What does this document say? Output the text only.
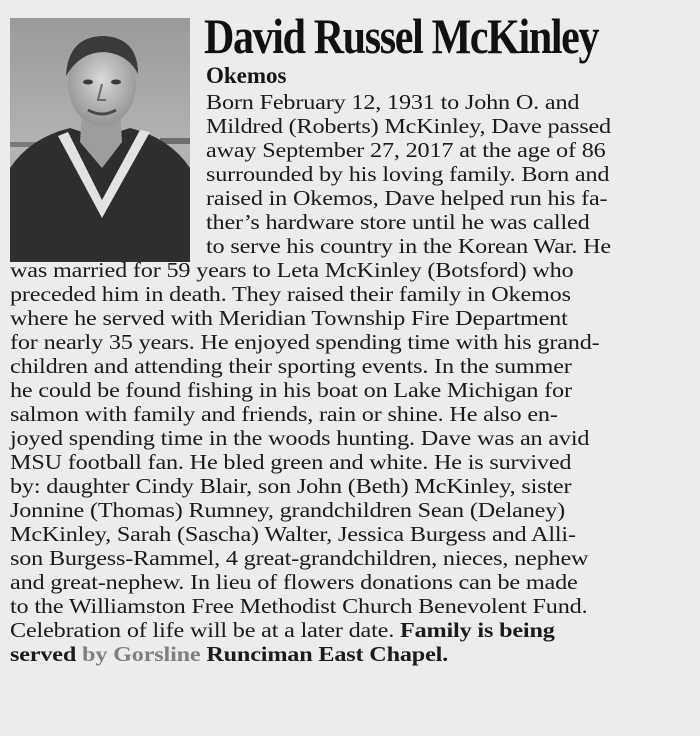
David Russel McKinley
Okemos
Born February 12, 1931 to John O. and
Mildred (Roberts) McKinley, Dave passed
away September 27, 2017 at the age of 86
surrounded by his loving family. Born and
raised in Okemos, Dave helped run his fa-
ther’s hardware store until he was called
to serve his country in the Korean War. He
was married for 59 years to Leta McKinley (Botsford) who
preceded him in death. They raised their family in Okemos
where he served with Meridian Township Fire Department
for nearly 35 years. He enjoyed spending time with his grand-
children and attending their sporting events. In the summer
he could be found fishing in his boat on Lake Michigan for
salmon with family and friends, rain or shine. He also en-
joyed spending time in the woods hunting. Dave was an avid
MSU football fan. He bled green and white. He is survived
by: daughter Cindy Blair, son John (Beth) McKinley, sister
Jonnine (Thomas) Rumney, grandchildren Sean (Delaney)
McKinley, Sarah (Sascha) Walter, Jessica Burgess and Alli-
son Burgess-Rammel, 4 great-grandchildren, nieces, nephew
and great-nephew. In lieu of flowers donations can be made
to the Williamston Free Methodist Church Benevolent Fund.
Celebration of life will be at a later date. Family is being
served by Gorsline Runciman East Chapel.
